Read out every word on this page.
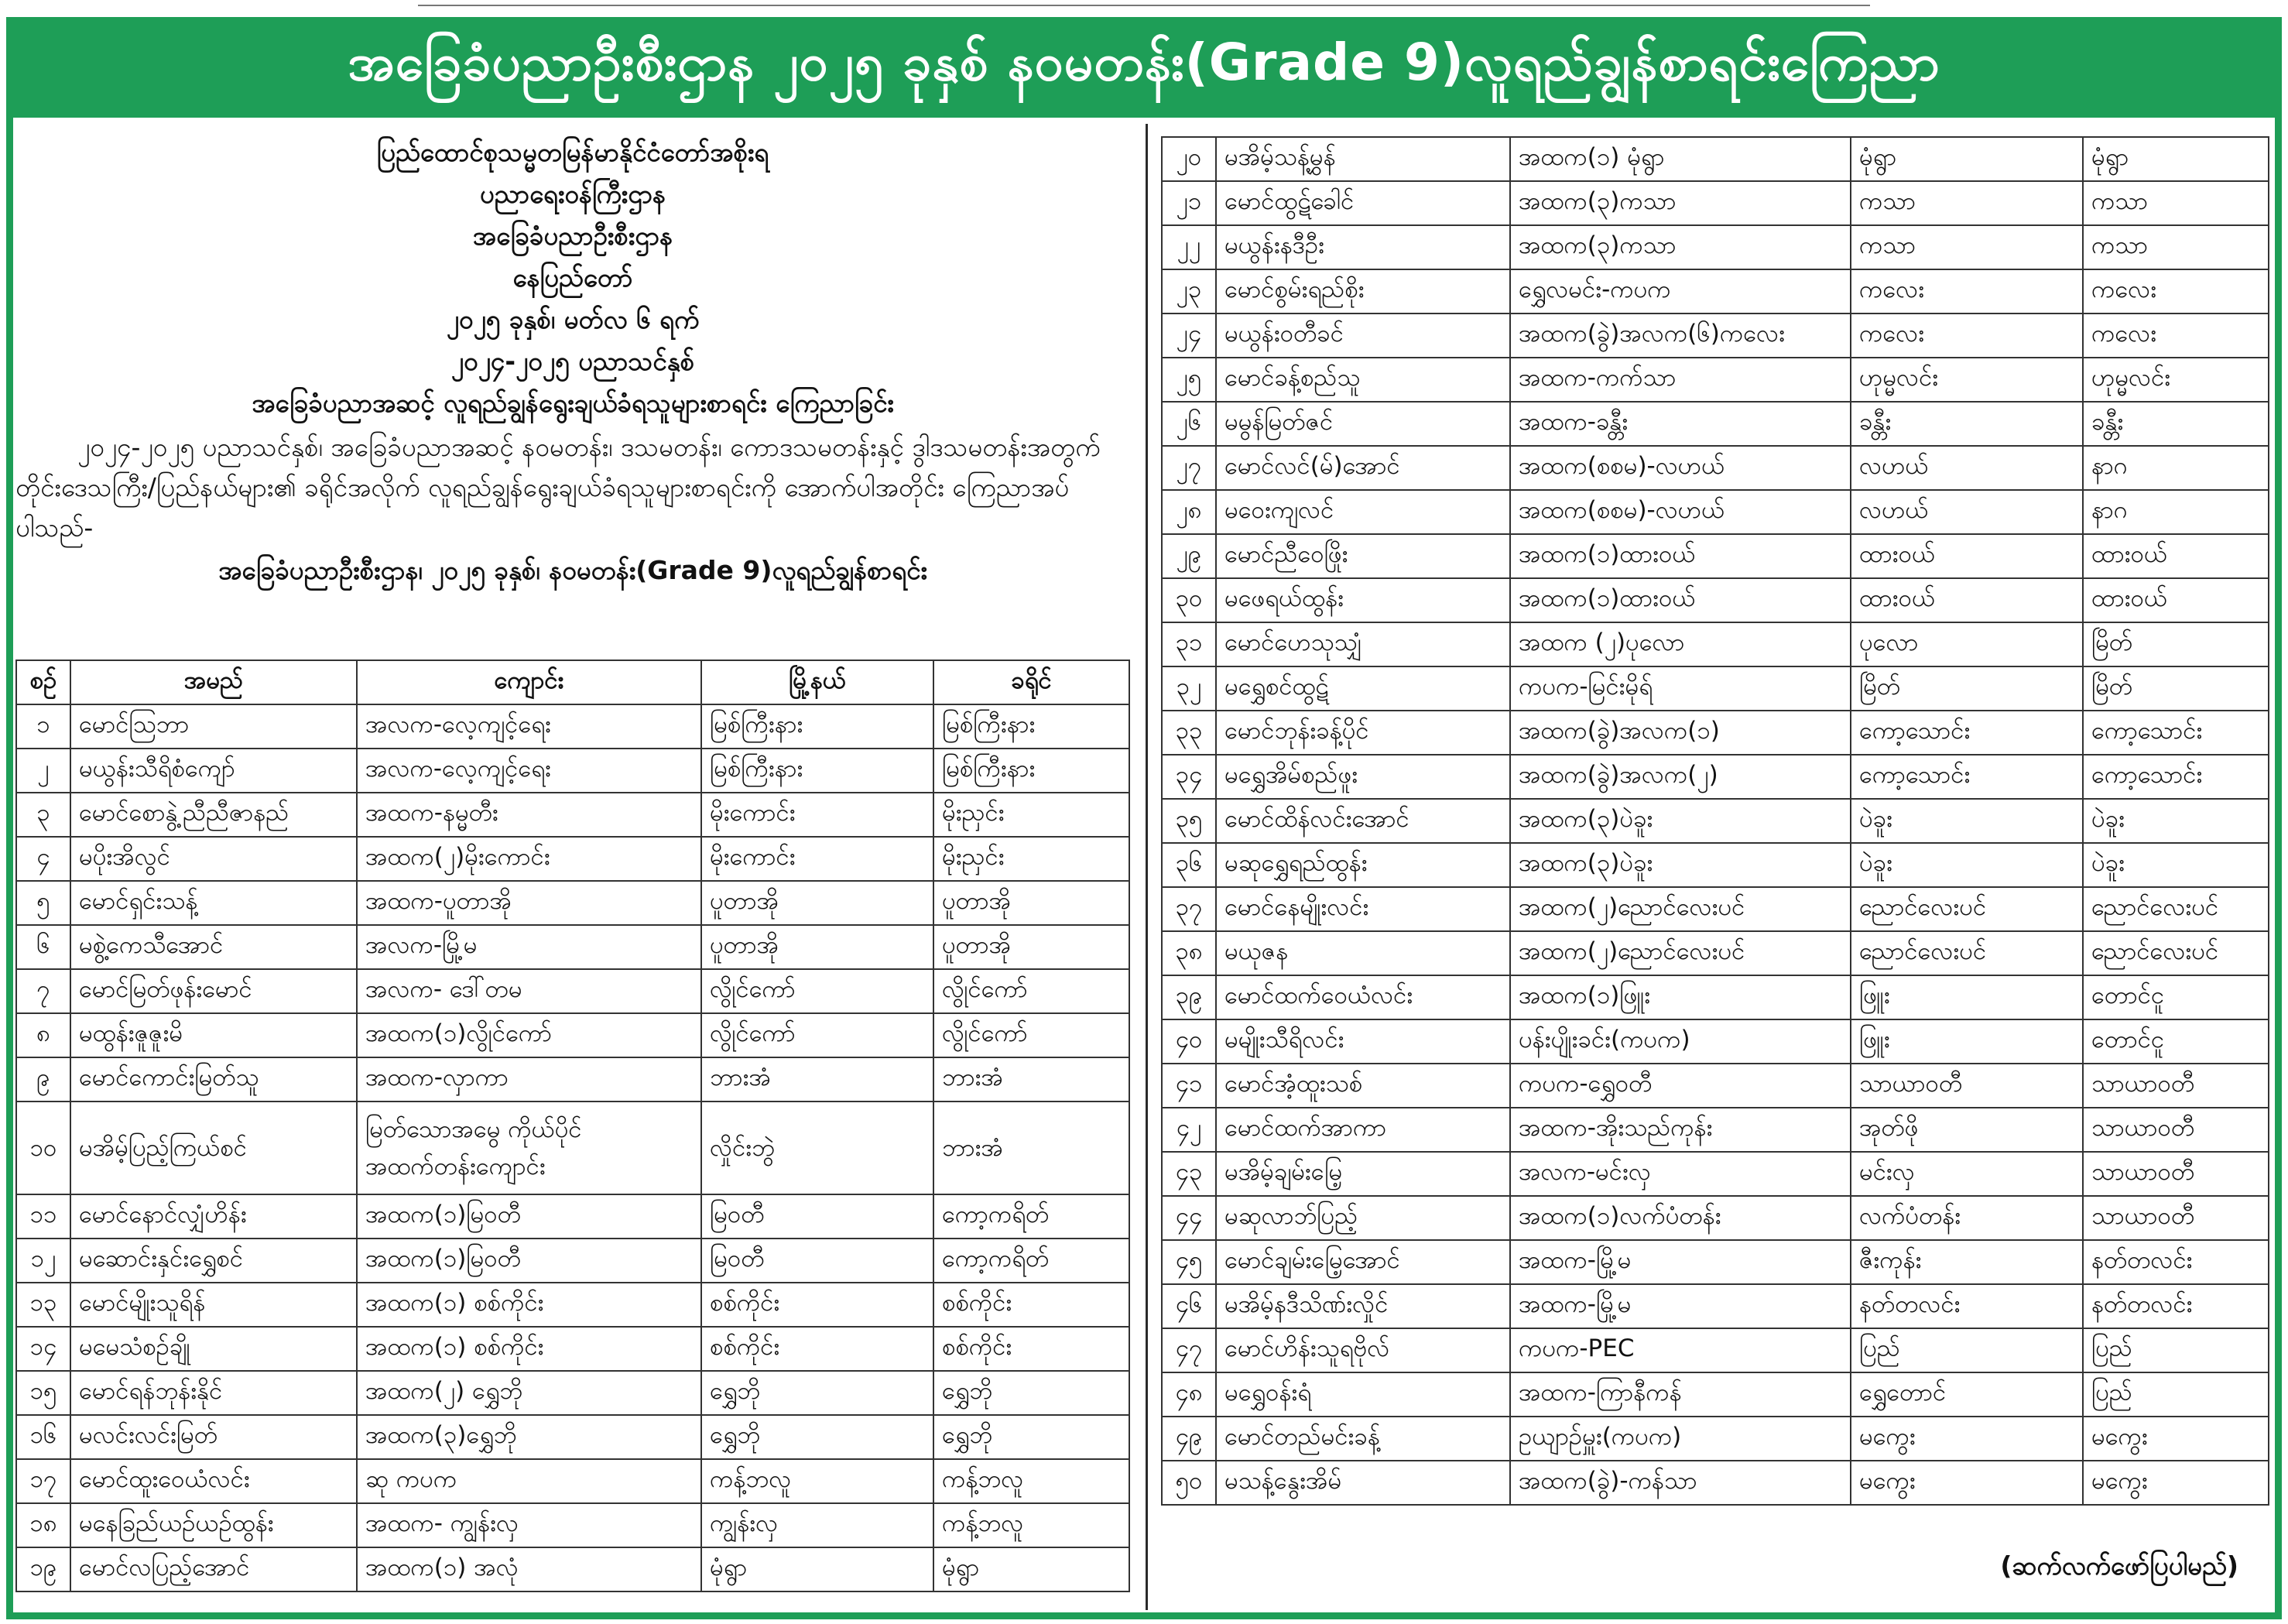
အခြေခံပညာဦးစီးဌာန ၂၀၂၅ ခုနှစ် နဝမတန်း(Grade 9)လူရည်ချွန်စာရင်းကြေညာ
ပြည်ထောင်စုသမ္မတမြန်မာနိုင်ငံတော်အစိုးရ
ပညာရေးဝန်ကြီးဌာန
အခြေခံပညာဦးစီးဌာန
နေပြည်တော်
၂၀၂၅ ခုနှစ်၊ မတ်လ ၆ ရက်
၂၀၂၄-၂၀၂၅ ပညာသင်နှစ်
အခြေခံပညာအဆင့် လူရည်ချွန်ရွေးချယ်ခံရသူများစာရင်း ကြေညာခြင်း
၂၀၂၄-၂၀၂၅ ပညာသင်နှစ်၊ အခြေခံပညာအဆင့် နဝမတန်း၊ ဒသမတန်း၊ ကောဒသမတန်းနှင့် ဒွါဒသမတန်းအတွက် တိုင်းဒေသကြီး/ပြည်နယ်များ၏ ခရိုင်အလိုက် လူရည်ချွန်ရွေးချယ်ခံရသူများစာရင်းကို အောက်ပါအတိုင်း ကြေညာအပ်ပါသည်-
အခြေခံပညာဦးစီးဌာန၊ ၂၀၂၅ ခုနှစ်၊ နဝမတန်း(Grade 9)လူရည်ချွန်စာရင်း
စဉ်	အမည်	ကျောင်း	မြို့နယ်	ခရိုင်
၁	မောင်သြဘာ	အလက-လေ့ကျင့်ရေး	မြစ်ကြီးနား	မြစ်ကြီးနား
၂	မယွန်းသီရိစံကျော်	အလက-လေ့ကျင့်ရေး	မြစ်ကြီးနား	မြစ်ကြီးနား
၃	မောင်စောနွဲ့ညီညီဇာနည်	အထက-နမ္မတီး	မိုးကောင်း	မိုးညှင်း
၄	မပိုးအိလွင်	အထက(၂)မိုးကောင်း	မိုးကောင်း	မိုးညှင်း
၅	မောင်ရှင်းသန့်	အထက-ပူတာအို	ပူတာအို	ပူတာအို
၆	မစွဲ့ကေသီအောင်	အလက-မြို့မ	ပူတာအို	ပူတာအို
၇	မောင်မြတ်ဖုန်းမောင်	အလက- ဒေါ်တမ	လွိုင်ကော်	လွိုင်ကော်
၈	မထွန်းဇူဇူးမိ	အထက(၁)လွိုင်ကော်	လွိုင်ကော်	လွိုင်ကော်
၉	မောင်ကောင်းမြတ်သူ	အထက-လှာကာ	ဘားအံ	ဘားအံ
၁၀	မအိမ့်ပြည့်ကြယ်စင်	မြတ်သောအမွေ ကိုယ်ပိုင်အထက်တန်းကျောင်း	လှိုင်းဘွဲ	ဘားအံ
၁၁	မောင်နောင်လျှံဟိန်း	အထက(၁)မြဝတီ	မြဝတီ	ကော့ကရိတ်
၁၂	မဆောင်းနှင်းရွှေစင်	အထက(၁)မြဝတီ	မြဝတီ	ကော့ကရိတ်
၁၃	မောင်မျိုးသူရိန်	အထက(၁) စစ်ကိုင်း	စစ်ကိုင်း	စစ်ကိုင်း
၁၄	မမေသံစဉ်ချို	အထက(၁) စစ်ကိုင်း	စစ်ကိုင်း	စစ်ကိုင်း
၁၅	မောင်ရန်ဘုန်းနိုင်	အထက(၂) ရွှေဘို	ရွှေဘို	ရွှေဘို
၁၆	မလင်းလင်းမြတ်	အထက(၃)ရွှေဘို	ရွှေဘို	ရွှေဘို
၁၇	မောင်ထူးဝေယံလင်း	ဆု ကပက	ကန့်ဘလူ	ကန့်ဘလူ
၁၈	မနေခြည်ယဉ်ယဉ်ထွန်း	အထက- ကျွန်းလှ	ကျွန်းလှ	ကန့်ဘလူ
၁၉	မောင်လပြည့်အောင်	အထက(၁) အလုံ	မုံရွာ	မုံရွာ
၂၀	မအိမ့်သန့်မွှန်	အထက(၁) မုံရွာ	မုံရွာ	မုံရွာ
၂၁	မောင်ထွဋ်ခေါင်	အထက(၃)ကသာ	ကသာ	ကသာ
၂၂	မယွန်းနဒီဦး	အထက(၃)ကသာ	ကသာ	ကသာ
၂၃	မောင်စွမ်းရည်စိုး	ရွှေလမင်း-ကပက	ကလေး	ကလေး
၂၄	မယွန်းဝတီခင်	အထက(ခွဲ)အလက(၆)ကလေး	ကလေး	ကလေး
၂၅	မောင်ခန့်စည်သူ	အထက-ကက်သာ	ဟုမ္မလင်း	ဟုမ္မလင်း
၂၆	မမွန်မြတ်ဇင်	အထက-ခန္တီး	ခန္တီး	ခန္တီး
၂၇	မောင်လင်(မ်)အောင်	အထက(စစမ)-လဟယ်	လဟယ်	နာဂ
၂၈	မဝေးကျလင်	အထက(စစမ)-လဟယ်	လဟယ်	နာဂ
၂၉	မောင်ညီဝေဖြိုး	အထက(၁)ထားဝယ်	ထားဝယ်	ထားဝယ်
၃၀	မဖေရယ်ထွန်း	အထက(၁)ထားဝယ်	ထားဝယ်	ထားဝယ်
၃၁	မောင်ဟေသုသျှံ	အထက (၂)ပုလော	ပုလော	မြိတ်
၃၂	မရွှေစင်ထွဋ်	ကပက-မြင်းမိုရ်	မြိတ်	မြိတ်
၃၃	မောင်ဘုန်းခန့်ပိုင်	အထက(ခွဲ)အလက(၁)	ကော့သောင်း	ကော့သောင်း
၃၄	မရွှေအိမ်စည်ဖူး	အထက(ခွဲ)အလက(၂)	ကော့သောင်း	ကော့သောင်း
၃၅	မောင်ထိန်လင်းအောင်	အထက(၃)ပဲခူး	ပဲခူး	ပဲခူး
၃၆	မဆုရွှေရည်ထွန်း	အထက(၃)ပဲခူး	ပဲခူး	ပဲခူး
၃၇	မောင်နေမျိုးလင်း	အထက(၂)ညောင်လေးပင်	ညောင်လေးပင်	ညောင်လေးပင်
၃၈	မယုဇန	အထက(၂)ညောင်လေးပင်	ညောင်လေးပင်	ညောင်လေးပင်
၃၉	မောင်ထက်ဝေယံလင်း	အထက(၁)ဖြူး	ဖြူး	တောင်ငူ
၄၀	မမျိုးသီရိလင်း	ပန်းပျိုးခင်း(ကပက)	ဖြူး	တောင်ငူ
၄၁	မောင်အံ့ထူးသစ်	ကပက-ရွှေဝတီ	သာယာဝတီ	သာယာဝတီ
၄၂	မောင်ထက်အာကာ	အထက-အိုးသည်ကုန်း	အုတ်ဖို	သာယာဝတီ
၄၃	မအိမ့်ချမ်းမြေ့	အလက-မင်းလှ	မင်းလှ	သာယာဝတီ
၄၄	မဆုလာဘ်ပြည့်	အထက(၁)လက်ပံတန်း	လက်ပံတန်း	သာယာဝတီ
၄၅	မောင်ချမ်းမြေ့အောင်	အထက-မြို့မ	ဇီးကုန်း	နတ်တလင်း
၄၆	မအိမ့်နဒီသိဏ်းလှိုင်	အထက-မြို့မ	နတ်တလင်း	နတ်တလင်း
၄၇	မောင်ဟိန်းသူရဗိုလ်	ကပက-PEC	ပြည်	ပြည်
၄၈	မရွှေဝန်းရံ	အထက-ကြာနီကန်	ရွှေတောင်	ပြည်
၄၉	မောင်တည်မင်းခန့်	ဥယျာဉ်မှူး(ကပက)	မကွေး	မကွေး
၅၀	မသန့်နွေးအိမ်	အထက(ခွဲ)-ကန်သာ	မကွေး	မကွေး
(ဆက်လက်ဖော်ပြပါမည်)
